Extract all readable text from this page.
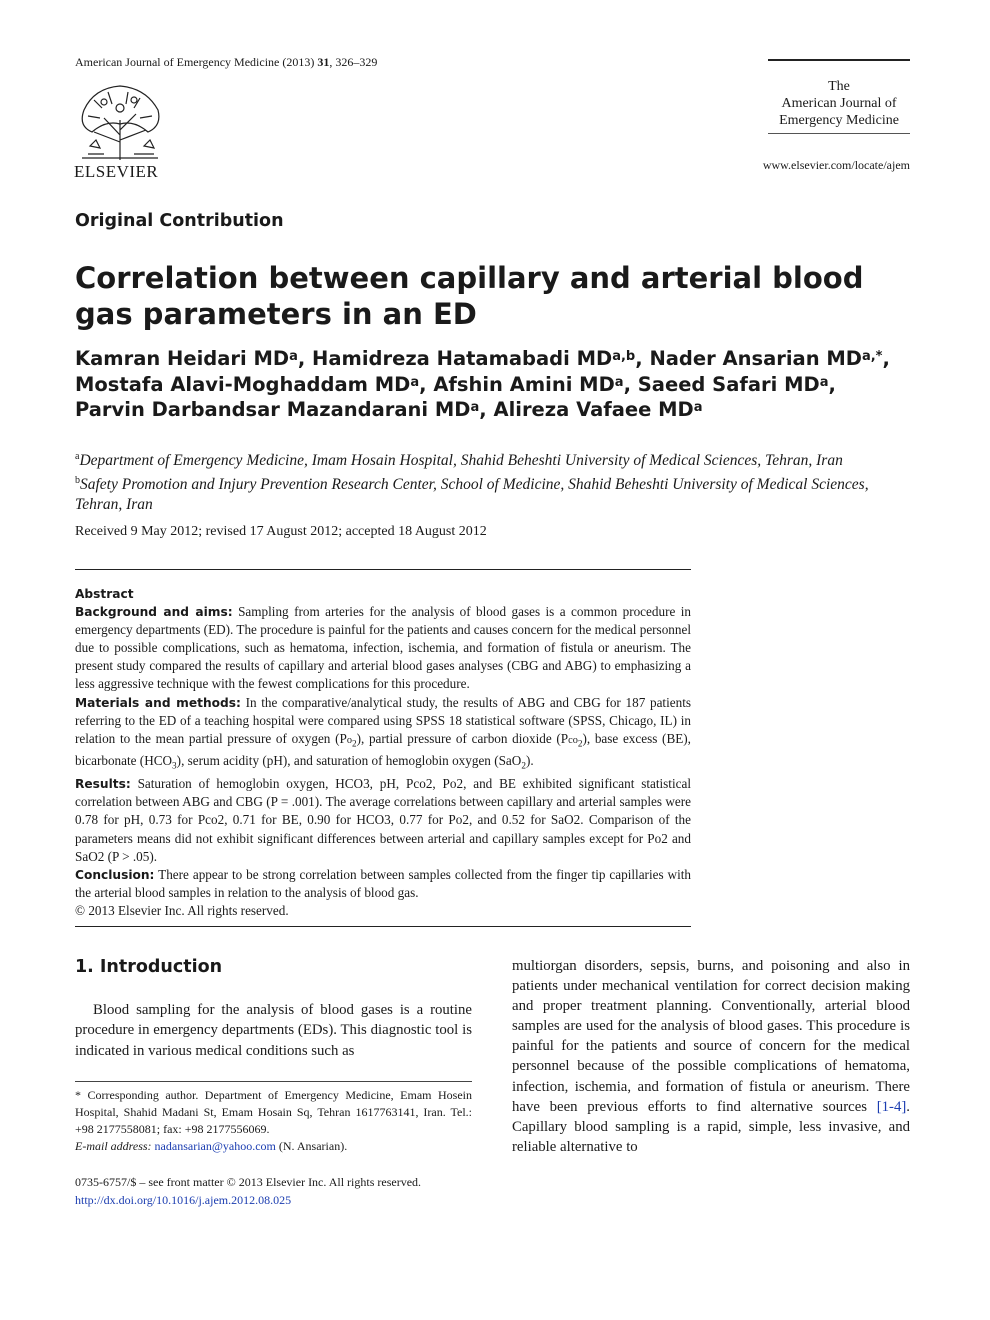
American Journal of Emergency Medicine (2013) 31, 326–329
ELSEVIER
The
American Journal of
Emergency Medicine
www.elsevier.com/locate/ajem
Original Contribution
Correlation between capillary and arterial blood gas parameters in an ED
Kamran Heidari $MD^a$, Hamidreza Hatamabadi MD$^{a,b}$, Nader Ansarian $MD^{a,*}$,
Mostafa Alavi-Moghaddam $MD^a$, Afshin Amini $MD^a$, Saeed Safari $MD^a$,
Parvin Darbandsar Mazandarani $MD^a$, Alireza Vafaee $MD^a$
$^a$Department of Emergency Medicine, Imam Hosain Hospital, Shahid Beheshti University of Medical Sciences, Tehran, Iran
$^b$Safety Promotion and Injury Prevention Research Center, School of Medicine, Shahid Beheshti University of Medical Sciences,
Tehran, Iran
Received 9 May 2012; revised 17 August 2012; accepted 18 August 2012
Abstract

Background and aims: Sampling from arteries for the analysis of blood gases is a common procedure in emergency departments (ED). The procedure is painful for the patients and causes concern for the medical personnel due to possible complications, such as hematoma, infection, ischemia, and formation of fistula or aneurism. The present study compared the results of capillary and arterial blood gases analyses (CBG and ABG) to emphasizing a less aggressive technique with the fewest complications for this procedure.

Materials and methods: In the comparative/analytical study, the results of ABG and CBG for 187 patients referring to the ED of a teaching hospital were compared using SPSS 18 statistical software (SPSS, Chicago, IL) in relation to the mean partial pressure of oxygen $(Po_2)$, partial pressure of carbon dioxide (Pco$_2$), base excess (BE), bicarbonate $(HCO_3)$, serum acidity (pH), and saturation of hemoglobin oxygen (SaO$_2$).

Results: Saturation of hemoglobin oxygen, HCO3, pH, Pco2, Po2, and BE exhibited significant statistical correlation between ABG and CBG (P = .001). The average correlations between capillary and arterial samples were 0.78 for pH, 0.73 for Pco2, 0.71 for BE, 0.90 for HCO3, 0.77 for Po2, and 0.52 for SaO2. Comparison of the parameters means did not exhibit significant differences between arterial and capillary samples except for Po2 and SaO2 (P > .05).

Conclusion: There appear to be strong correlation between samples collected from the finger tip capillaries with the arterial blood samples in relation to the analysis of blood gas.

© 2013 Elsevier Inc. All rights reserved.

1. Introduction
Blood sampling for the analysis of blood gases is a routine procedure in emergency departments (EDs). This diagnostic tool is indicated in various medical conditions such as
* Corresponding author. Department of Emergency Medicine, Emam Hosein Hospital, Shahid Madani St, Emam Hosain Sq, Tehran 1617763141, Iran. Tel.: +98 2177558081; fax: +98 2177556069.
E-mail address: nadansarian@yahoo.com (N. Ansarian).
0735-6757/$ – see front matter © 2013 Elsevier Inc. All rights reserved.
http://dx.doi.org/10.1016/j.ajem.2012.08.025
multiorgan disorders, sepsis, burns, and poisoning and also in patients under mechanical ventilation for correct decision making and proper treatment planning. Conventionally, arterial blood samples are used for the analysis of blood gases. This procedure is painful for the patients and source of concern for the medical personnel because of the possible complications of hematoma, infection, ischemia, and formation of fistula or aneurism. There have been previous efforts to find alternative sources [1-4]. Capillary blood sampling is a rapid, simple, less invasive, and reliable alternative to
